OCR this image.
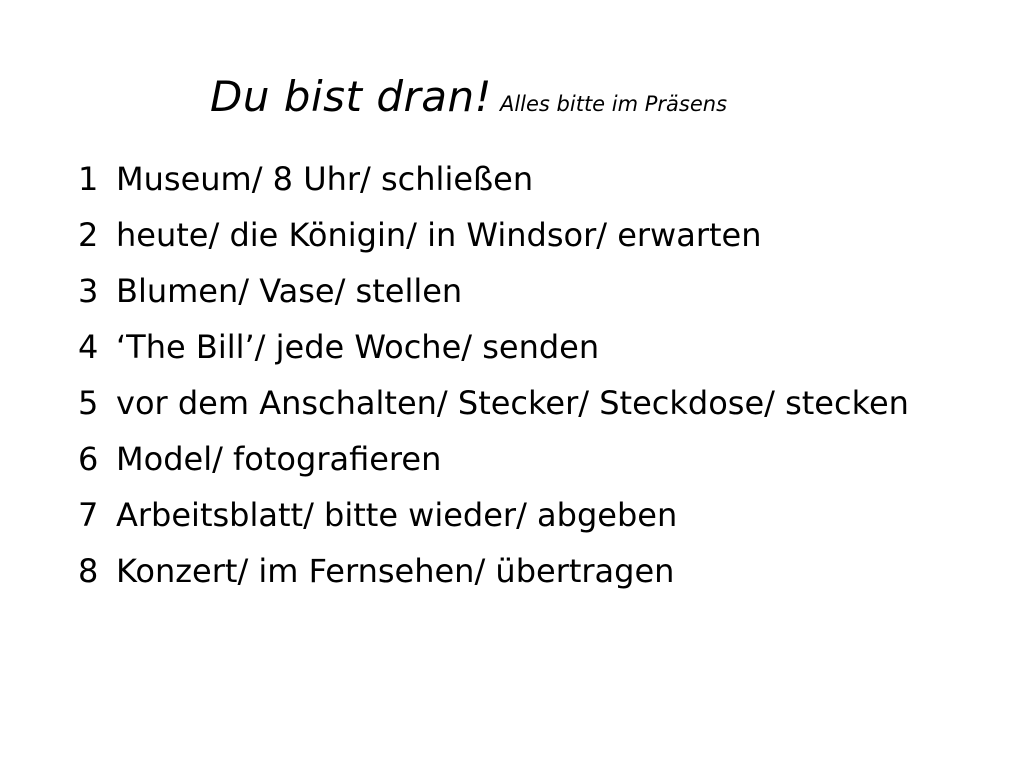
Du bist dran! Alles bitte im Präsens
1 Museum/ 8 Uhr/ schließen
2 heute/ die Königin/ in Windsor/ erwarten
3 Blumen/ Vase/ stellen
4 ‘The Bill’/ jede Woche/ senden
5 vor dem Anschalten/ Stecker/ Steckdose/ stecken
6 Model/ fotografieren
7 Arbeitsblatt/ bitte wieder/ abgeben
8 Konzert/ im Fernsehen/ übertragen
